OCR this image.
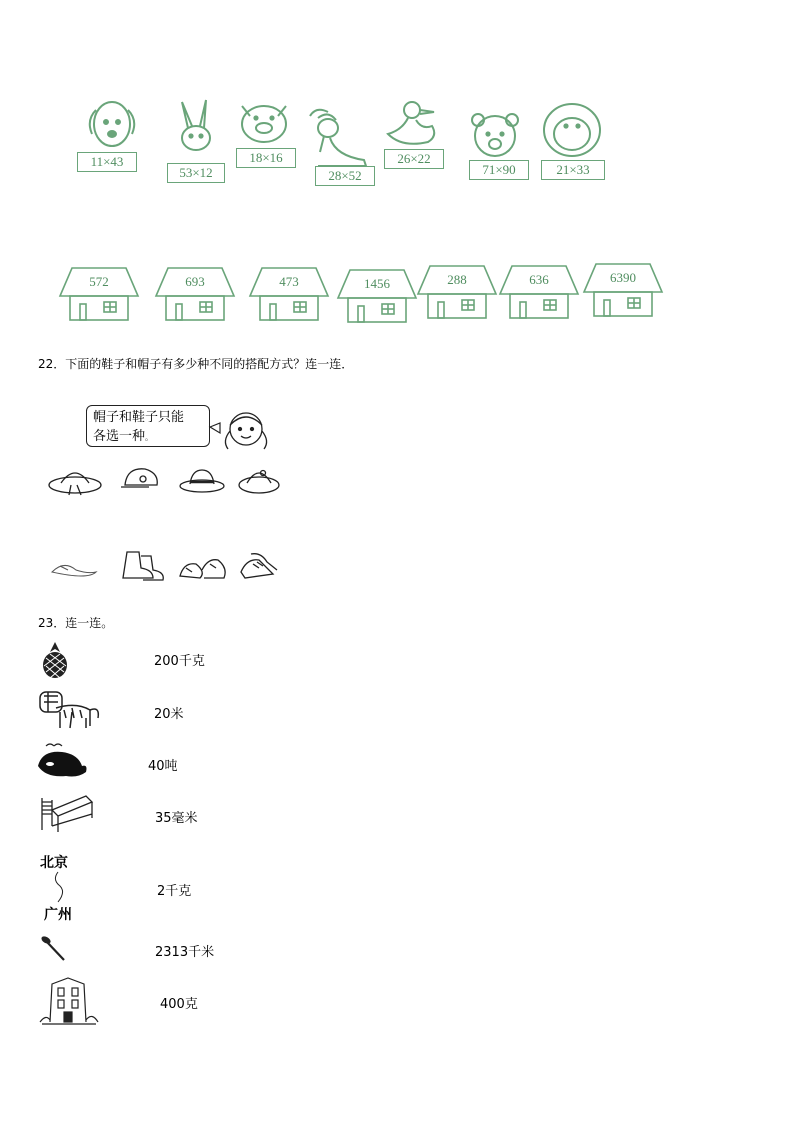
11×43
53×12
18×16
28×52
26×22
71×90	21×33
572	693	473	1456	288	636	6390
22．下面的鞋子和帽子有多少种不同的搭配方式？连一连．
帽子和鞋子只能
各选一种。
23．连一连。
200千克
20米
40吨
35毫米
北京
广州
2千克
2313千米
400克
